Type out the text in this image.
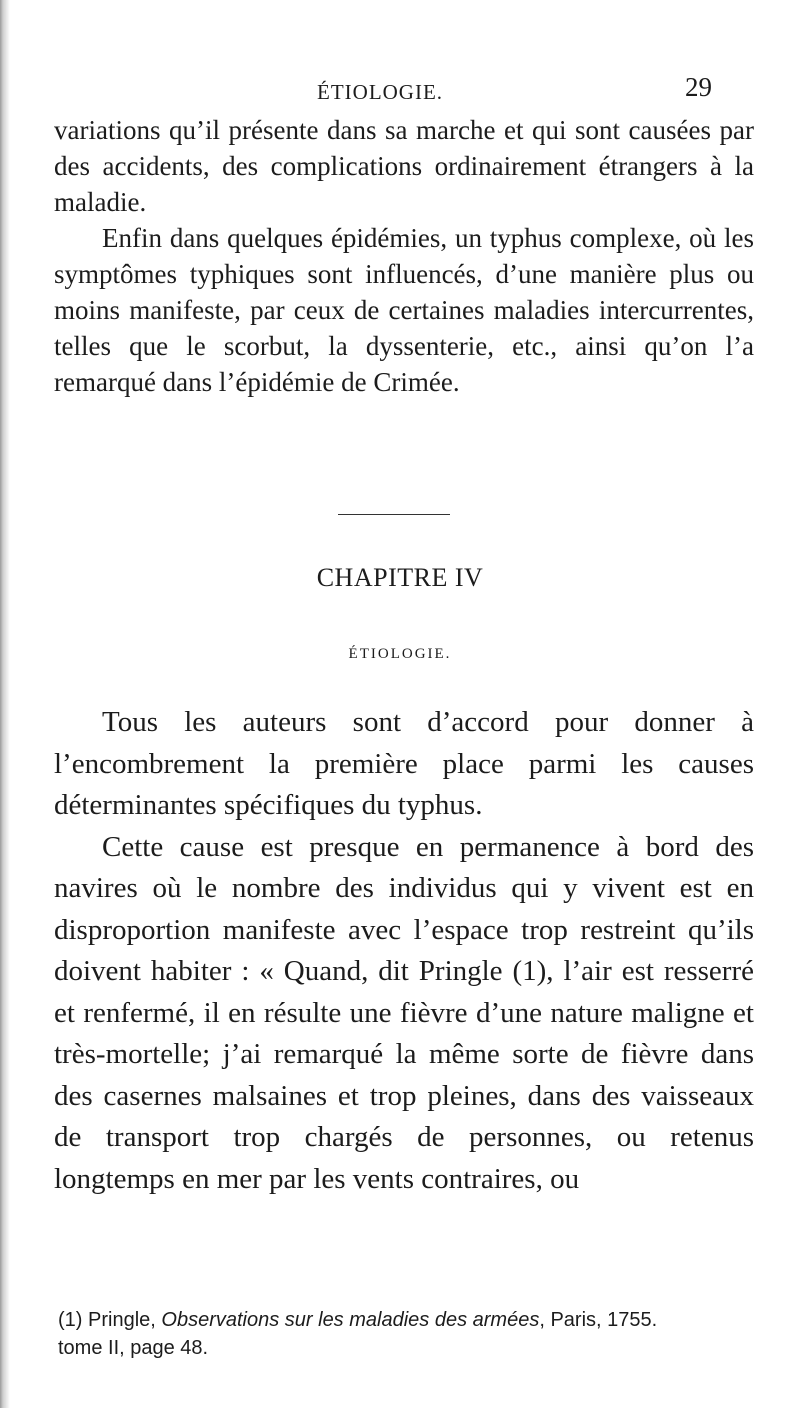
ÉTIOLOGIE.	29

variations qu’il présente dans sa marche et qui sont causées par des accidents, des complications ordinairement étrangers à la maladie.

Enfin dans quelques épidémies, un typhus complexe, où les symptômes typhiques sont influencés, d’une manière plus ou moins manifeste, par ceux de certaines maladies intercurrentes, telles que le scorbut, la dyssenterie, etc., ainsi qu’on l’a remarqué dans l’épidémie de Crimée.

CHAPITRE IV
ÉTIOLOGIE.

Tous les auteurs sont d’accord pour donner à l’encombrement la première place parmi les causes déterminantes spécifiques du typhus.

Cette cause est presque en permanence à bord des navires où le nombre des individus qui y vivent est en disproportion manifeste avec l’espace trop restreint qu’ils doivent habiter : « Quand, dit Pringle (1), l’air est resserré et renfermé, il en résulte une fièvre d’une nature maligne et très-mortelle; j’ai remarqué la même sorte de fièvre dans des casernes malsaines et trop pleines, dans des vaisseaux de transport trop chargés de personnes, ou retenus longtemps en mer par les vents contraires, ou

(1) Pringle, Observations sur les maladies des armées, Paris, 1755.

tome II, page 48.
